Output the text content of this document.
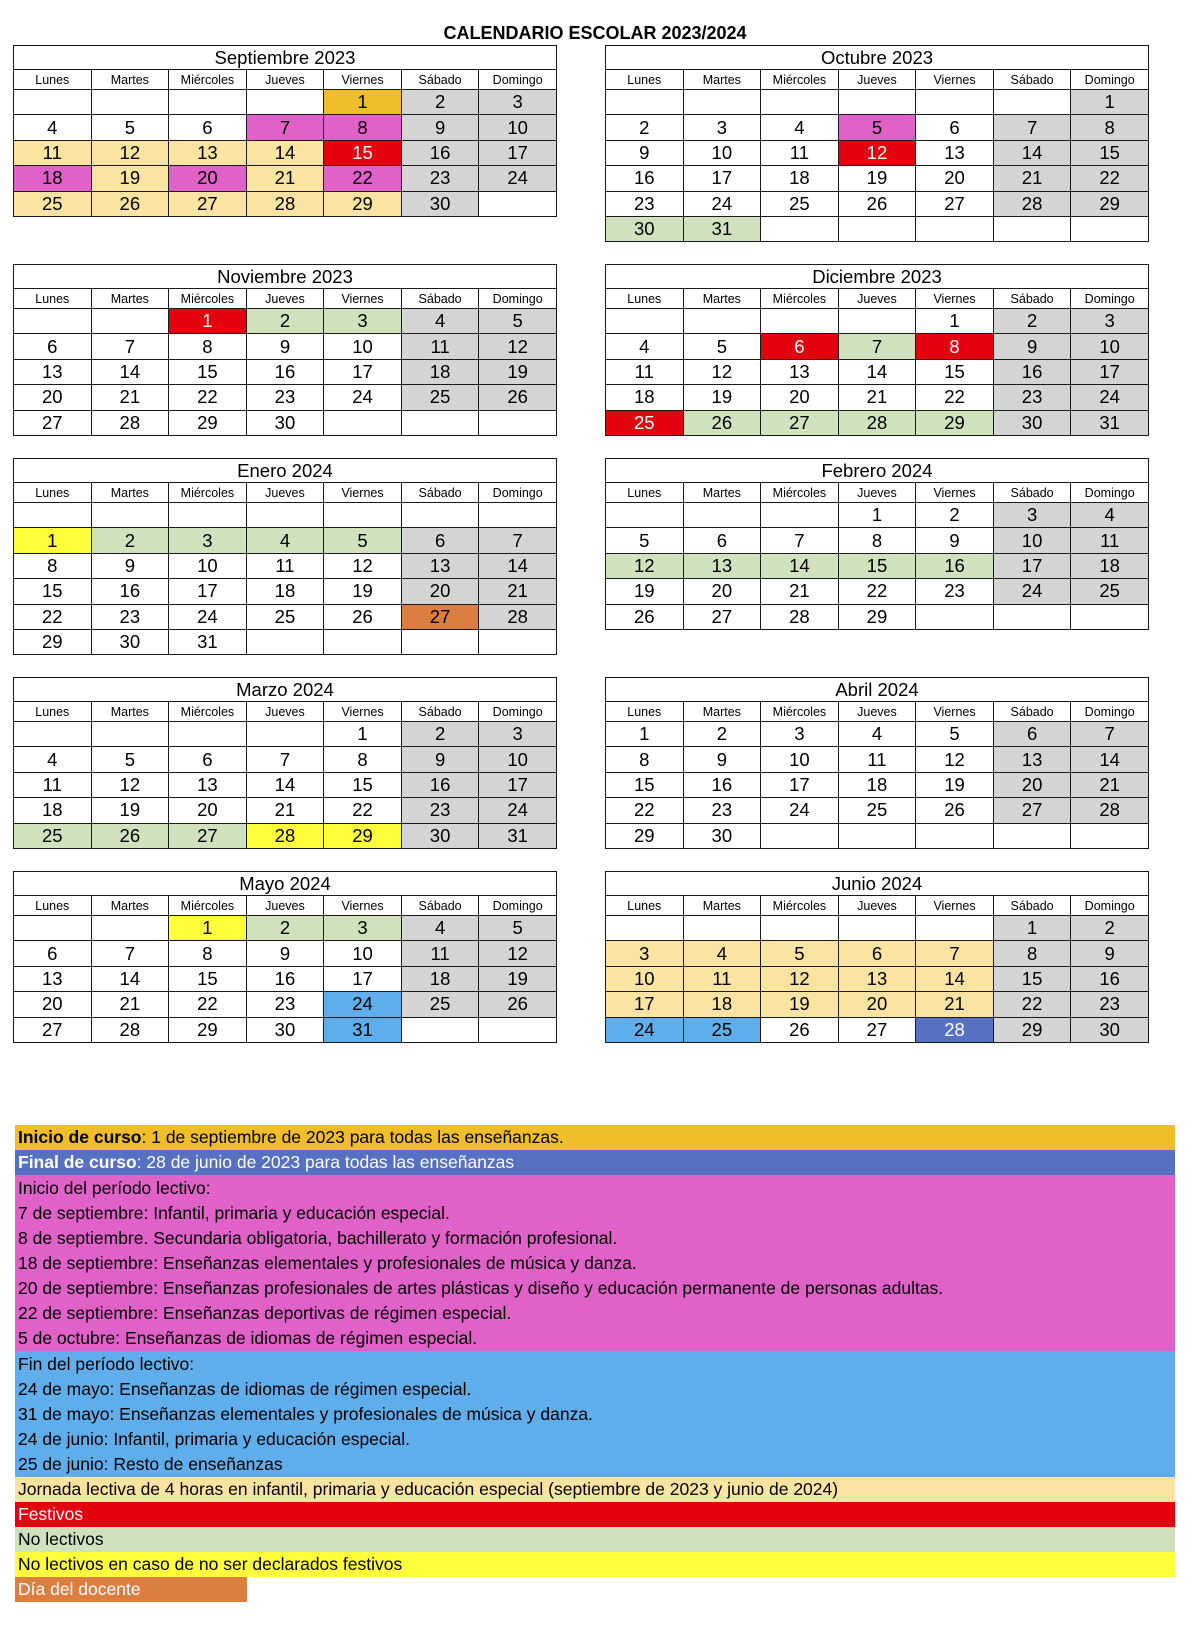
CALENDARIO ESCOLAR 2023/2024
Septiembre 2023						
Lunes	Martes	Miércoles	Jueves	Viernes	Sábado	Domingo
				1	2	3
4	5	6	7	8	9	10
11	12	13	14	15	16	17
18	19	20	21	22	23	24
25	26	27	28	29	30	
Octubre 2023						
Lunes	Martes	Miércoles	Jueves	Viernes	Sábado	Domingo
						1
2	3	4	5	6	7	8
9	10	11	12	13	14	15
16	17	18	19	20	21	22
23	24	25	26	27	28	29
30	31					
Noviembre 2023						
Lunes	Martes	Miércoles	Jueves	Viernes	Sábado	Domingo
		1	2	3	4	5
6	7	8	9	10	11	12
13	14	15	16	17	18	19
20	21	22	23	24	25	26
27	28	29	30			
Diciembre 2023						
Lunes	Martes	Miércoles	Jueves	Viernes	Sábado	Domingo
				1	2	3
4	5	6	7	8	9	10
11	12	13	14	15	16	17
18	19	20	21	22	23	24
25	26	27	28	29	30	31
Enero 2024						
Lunes	Martes	Miércoles	Jueves	Viernes	Sábado	Domingo

1	2	3	4	5	6	7
8	9	10	11	12	13	14
15	16	17	18	19	20	21
22	23	24	25	26	27	28
29	30	31				
Febrero 2024						
Lunes	Martes	Miércoles	Jueves	Viernes	Sábado	Domingo
			1	2	3	4
5	6	7	8	9	10	11
12	13	14	15	16	17	18
19	20	21	22	23	24	25
26	27	28	29			
Marzo 2024						
Lunes	Martes	Miércoles	Jueves	Viernes	Sábado	Domingo
				1	2	3
4	5	6	7	8	9	10
11	12	13	14	15	16	17
18	19	20	21	22	23	24
25	26	27	28	29	30	31
Abril 2024						
Lunes	Martes	Miércoles	Jueves	Viernes	Sábado	Domingo
1	2	3	4	5	6	7
8	9	10	11	12	13	14
15	16	17	18	19	20	21
22	23	24	25	26	27	28
29	30					
Mayo 2024						
Lunes	Martes	Miércoles	Jueves	Viernes	Sábado	Domingo
		1	2	3	4	5
6	7	8	9	10	11	12
13	14	15	16	17	18	19
20	21	22	23	24	25	26
27	28	29	30	31		
Junio 2024						
Lunes	Martes	Miércoles	Jueves	Viernes	Sábado	Domingo
					1	2
3	4	5	6	7	8	9
10	11	12	13	14	15	16
17	18	19	20	21	22	23
24	25	26	27	28	29	30
Inicio de curso: 1 de septiembre de 2023 para todas las enseñanzas.
Final de curso: 28 de junio de 2023 para todas las enseñanzas
Inicio del período lectivo:
7 de septiembre: Infantil, primaria y educación especial.
8 de septiembre. Secundaria obligatoria, bachillerato y formación profesional.
18 de septiembre: Enseñanzas elementales y profesionales de música y danza.
20 de septiembre: Enseñanzas profesionales de artes plásticas y diseño y educación permanente de personas adultas.
22 de septiembre: Enseñanzas deportivas de régimen especial.
5 de octubre: Enseñanzas de idiomas de régimen especial.
Fin del período lectivo:
24 de mayo: Enseñanzas de idiomas de régimen especial.
31 de mayo: Enseñanzas elementales y profesionales de música y danza.
24 de junio: Infantil, primaria y educación especial.
25 de junio: Resto de enseñanzas
Jornada lectiva de 4 horas en infantil, primaria y educación especial (septiembre de 2023 y junio de 2024)
Festivos
No lectivos
No lectivos en caso de no ser declarados festivos
Día del docente
